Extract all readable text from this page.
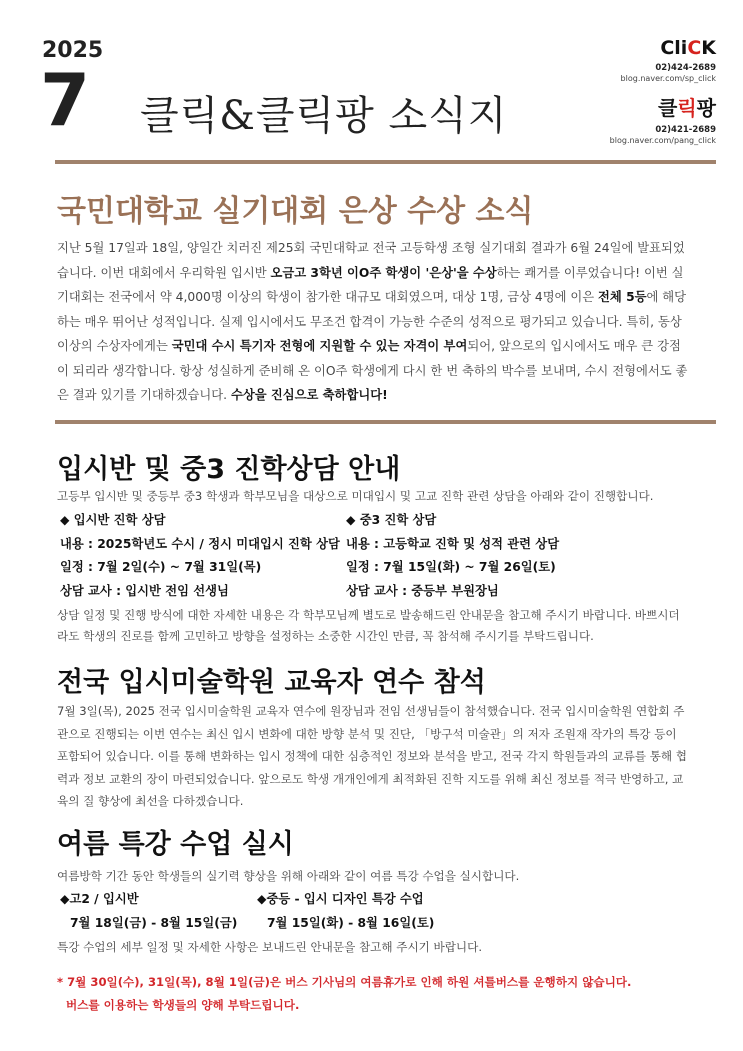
2025
7 클릭&클릭팡 소식지
CliCK
02)424-2689
blog.naver.com/sp_click
클릭팡
02)421-2689
blog.naver.com/pang_click
국민대학교 실기대회 은상 수상 소식
지난 5월 17일과 18일, 양일간 치러진 제25회 국민대학교 전국 고등학생 조형 실기대회 결과가 6월 24일에 발표되었습니다. 이번 대회에서 우리학원 입시반 오금고 3학년 이O주 학생이 '은상'을 수상하는 쾌거를 이루었습니다! 이번 실기대회는 전국에서 약 4,000명 이상의 학생이 참가한 대규모 대회였으며, 대상 1명, 금상 4명에 이은 전체 5등에 해당하는 매우 뛰어난 성적입니다. 실제 입시에서도 무조건 합격이 가능한 수준의 성적으로 평가되고 있습니다. 특히, 동상 이상의 수상자에게는 국민대 수시 특기자 전형에 지원할 수 있는 자격이 부여되어, 앞으로의 입시에서도 매우 큰 강점이 되리라 생각합니다. 항상 성실하게 준비해 온 이O주 학생에게 다시 한 번 축하의 박수를 보내며, 수시 전형에서도 좋은 결과 있기를 기대하겠습니다. 수상을 진심으로 축하합니다!
입시반 및 중3 진학상담 안내
고등부 입시반 및 중등부 중3 학생과 학부모님을 대상으로 미대입시 및 고교 진학 관련 상담을 아래와 같이 진행합니다.
◆ 입시반 진학 상담
내용 : 2025학년도 수시 / 정시 미대입시 진학 상담
일정 : 7월 2일(수) ~ 7월 31일(목)
상담 교사 : 입시반 전임 선생님
◆ 중3 진학 상담
내용 : 고등학교 진학 및 성적 관련 상담
일정 : 7월 15일(화) ~ 7월 26일(토)
상담 교사 : 중등부 부원장님
상담 일정 및 진행 방식에 대한 자세한 내용은 각 학부모님께 별도로 발송해드린 안내문을 참고해 주시기 바랍니다. 바쁘시더라도 학생의 진로를 함께 고민하고 방향을 설정하는 소중한 시간인 만큼, 꼭 참석해 주시기를 부탁드립니다.
전국 입시미술학원 교육자 연수 참석
7월 3일(목), 2025 전국 입시미술학원 교육자 연수에 원장님과 전임 선생님들이 참석했습니다. 전국 입시미술학원 연합회 주관으로 진행되는 이번 연수는 최신 입시 변화에 대한 방향 분석 및 진단, 「방구석 미술관」의 저자 조원재 작가의 특강 등이 포함되어 있습니다. 이를 통해 변화하는 입시 정책에 대한 심층적인 정보와 분석을 받고, 전국 각지 학원들과의 교류를 통해 협력과 정보 교환의 장이 마련되었습니다. 앞으로도 학생 개개인에게 최적화된 진학 지도를 위해 최신 정보를 적극 반영하고, 교육의 질 향상에 최선을 다하겠습니다.
여름 특강 수업 실시
여름방학 기간 동안 학생들의 실기력 향상을 위해 아래와 같이 여름 특강 수업을 실시합니다.
◆고2 / 입시반
7월 18일(금) - 8월 15일(금)
◆중등 - 입시 디자인 특강 수업
7월 15일(화) - 8월 16일(토)
특강 수업의 세부 일정 및 자세한 사항은 보내드린 안내문을 참고해 주시기 바랍니다.
* 7월 30일(수), 31일(목), 8월 1일(금)은 버스 기사님의 여름휴가로 인해 하원 셔틀버스를 운행하지 않습니다.
버스를 이용하는 학생들의 양해 부탁드립니다.
